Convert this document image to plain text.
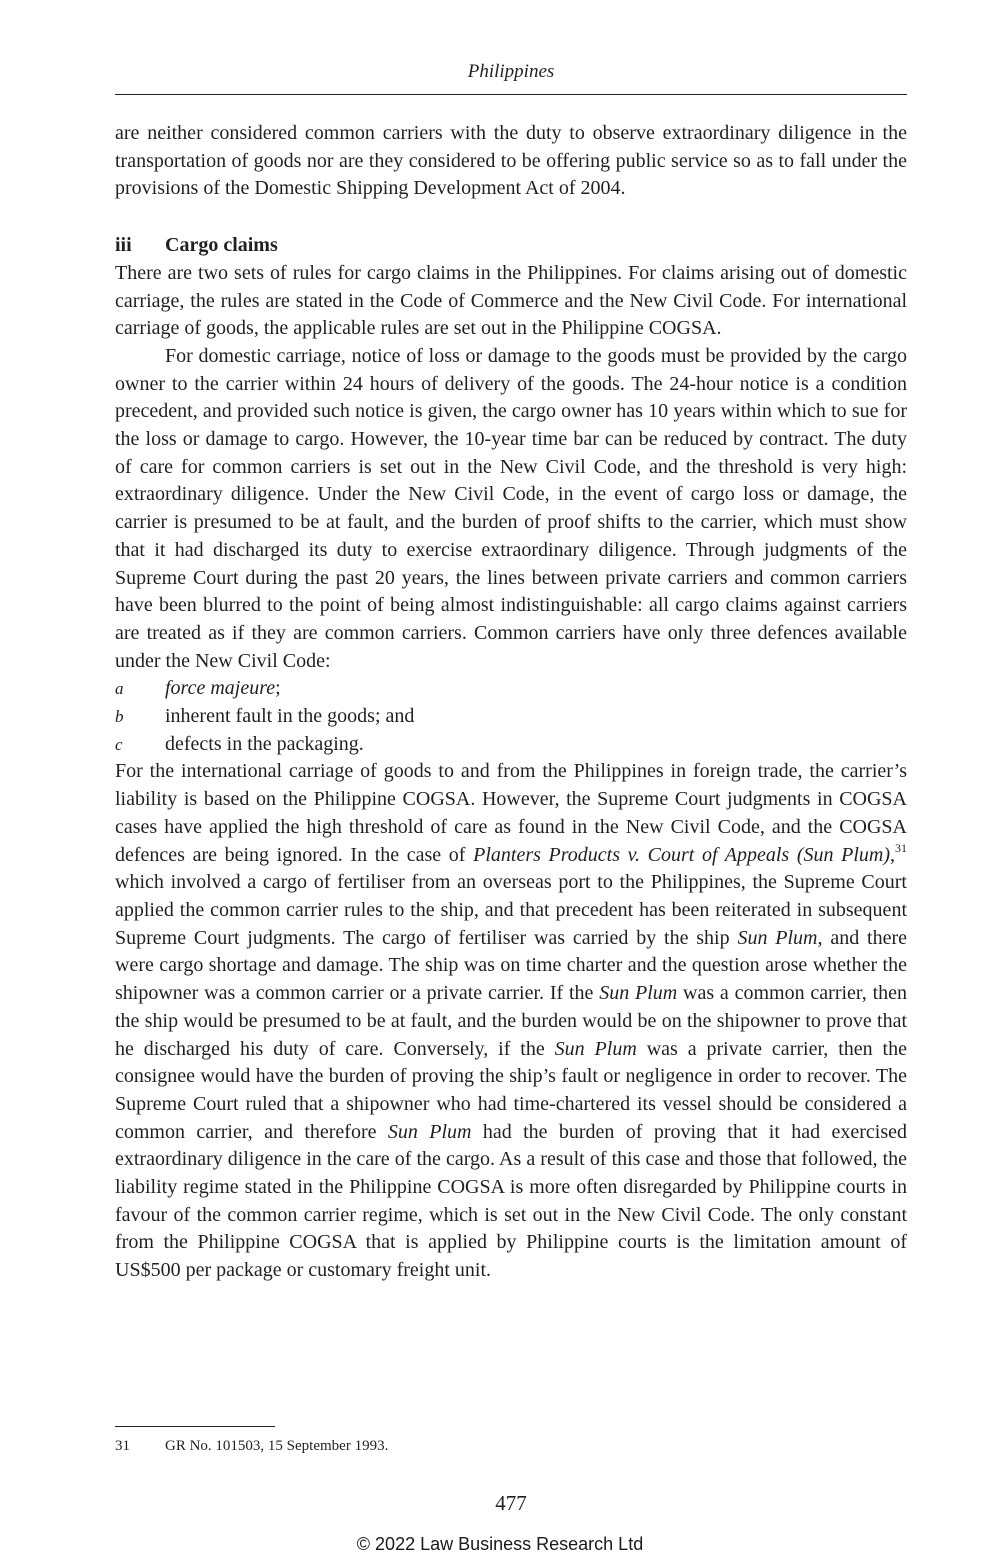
Philippines

are neither considered common carriers with the duty to observe extraordinary diligence in the transportation of goods nor are they considered to be offering public service so as to fall under the provisions of the Domestic Shipping Development Act of 2004.

iii Cargo claims

There are two sets of rules for cargo claims in the Philippines. For claims arising out of domestic carriage, the rules are stated in the Code of Commerce and the New Civil Code. For international carriage of goods, the applicable rules are set out in the Philippine COGSA.

For domestic carriage, notice of loss or damage to the goods must be provided by the cargo owner to the carrier within 24 hours of delivery of the goods. The 24-hour notice is a condition precedent, and provided such notice is given, the cargo owner has 10 years within which to sue for the loss or damage to cargo. However, the 10-year time bar can be reduced by contract. The duty of care for common carriers is set out in the New Civil Code, and the threshold is very high: extraordinary diligence. Under the New Civil Code, in the event of cargo loss or damage, the carrier is presumed to be at fault, and the burden of proof shifts to the carrier, which must show that it had discharged its duty to exercise extraordinary diligence. Through judgments of the Supreme Court during the past 20 years, the lines between private carriers and common carriers have been blurred to the point of being almost indistinguishable: all cargo claims against carriers are treated as if they are common carriers. Common carriers have only three defences available under the New Civil Code:

a	force majeure;
b	inherent fault in the goods; and
c	defects in the packaging.

For the international carriage of goods to and from the Philippines in foreign trade, the carrier’s liability is based on the Philippine COGSA. However, the Supreme Court judgments in COGSA cases have applied the high threshold of care as found in the New Civil Code, and the COGSA defences are being ignored. In the case of Planters Products v. Court of Appeals (Sun Plum),$^{31}$ which involved a cargo of fertiliser from an overseas port to the Philippines, the Supreme Court applied the common carrier rules to the ship, and that precedent has been reiterated in subsequent Supreme Court judgments. The cargo of fertiliser was carried by the ship Sun Plum, and there were cargo shortage and damage. The ship was on time charter and the question arose whether the shipowner was a common carrier or a private carrier. If the Sun Plum was a common carrier, then the ship would be presumed to be at fault, and the burden would be on the shipowner to prove that he discharged his duty of care. Conversely, if the Sun Plum was a private carrier, then the consignee would have the burden of proving the ship’s fault or negligence in order to recover. The Supreme Court ruled that a shipowner who had time-chartered its vessel should be considered a common carrier, and therefore Sun Plum had the burden of proving that it had exercised extraordinary diligence in the care of the cargo. As a result of this case and those that followed, the liability regime stated in the Philippine COGSA is more often disregarded by Philippine courts in favour of the common carrier regime, which is set out in the New Civil Code. The only constant from the Philippine COGSA that is applied by Philippine courts is the limitation amount of US$500 per package or customary freight unit.

31	GR No. 101503, 15 September 1993.
477
© 2022 Law Business Research Ltd
